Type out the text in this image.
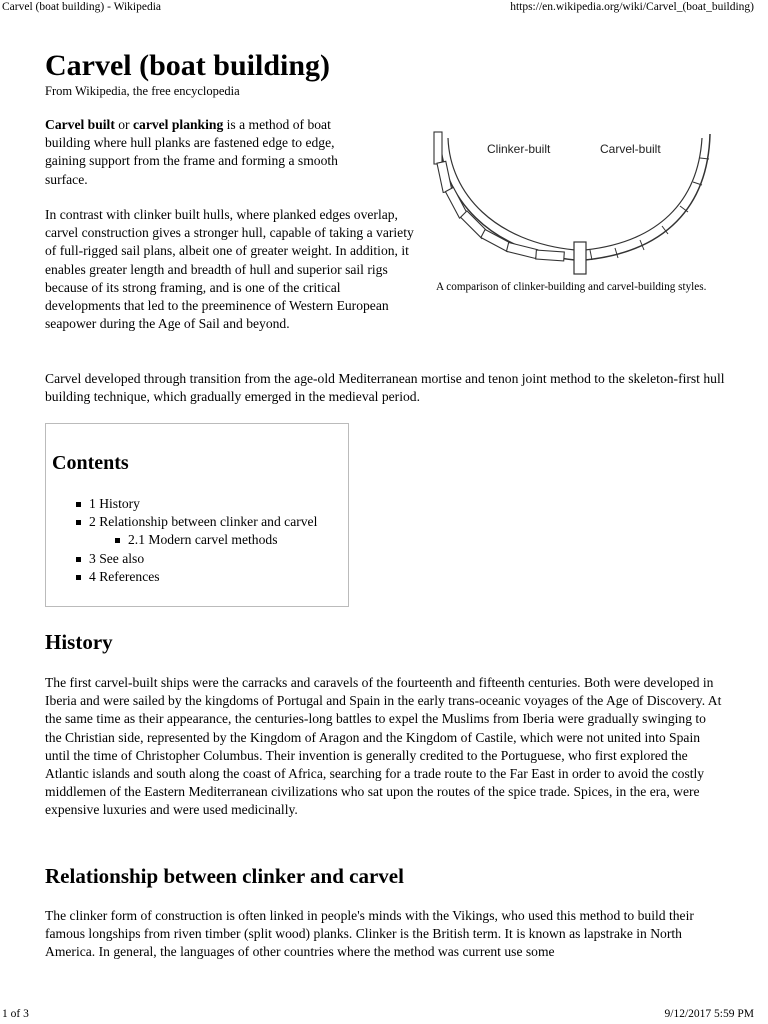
Carvel (boat building) - Wikipedia	https://en.wikipedia.org/wiki/Carvel_(boat_building)
Carvel (boat building)
From Wikipedia, the free encyclopedia

Carvel built or carvel planking is a method of boat building where hull planks are fastened edge to edge, gaining support from the frame and forming a smooth surface.

In contrast with clinker built hulls, where planked edges overlap, carvel construction gives a stronger hull, capable of taking a variety of full-rigged sail plans, albeit one of greater weight. In addition, it enables greater length and breadth of hull and superior sail rigs because of its strong framing, and is one of the critical developments that led to the preeminence of Western European seapower during the Age of Sail and beyond.

Clinker-built	Carvel-built
A comparison of clinker-building and carvel-building styles.

Carvel developed through transition from the age-old Mediterranean mortise and tenon joint method to the skeleton-first hull building technique, which gradually emerged in the medieval period.

Contents
1 History
2 Relationship between clinker and carvel
2.1 Modern carvel methods
3 See also
4 References
History

The first carvel-built ships were the carracks and caravels of the fourteenth and fifteenth centuries. Both were developed in Iberia and were sailed by the kingdoms of Portugal and Spain in the early trans-oceanic voyages of the Age of Discovery. At the same time as their appearance, the centuries-long battles to expel the Muslims from Iberia were gradually swinging to the Christian side, represented by the Kingdom of Aragon and the Kingdom of Castile, which were not united into Spain until the time of Christopher Columbus. Their invention is generally credited to the Portuguese, who first explored the Atlantic islands and south along the coast of Africa, searching for a trade route to the Far East in order to avoid the costly middlemen of the Eastern Mediterranean civilizations who sat upon the routes of the spice trade. Spices, in the era, were expensive luxuries and were used medicinally.

Relationship between clinker and carvel

The clinker form of construction is often linked in people's minds with the Vikings, who used this method to build their famous longships from riven timber (split wood) planks. Clinker is the British term. It is known as lapstrake in North America. In general, the languages of other countries where the method was current use some

1 of 3	9/12/2017 5:59 PM
